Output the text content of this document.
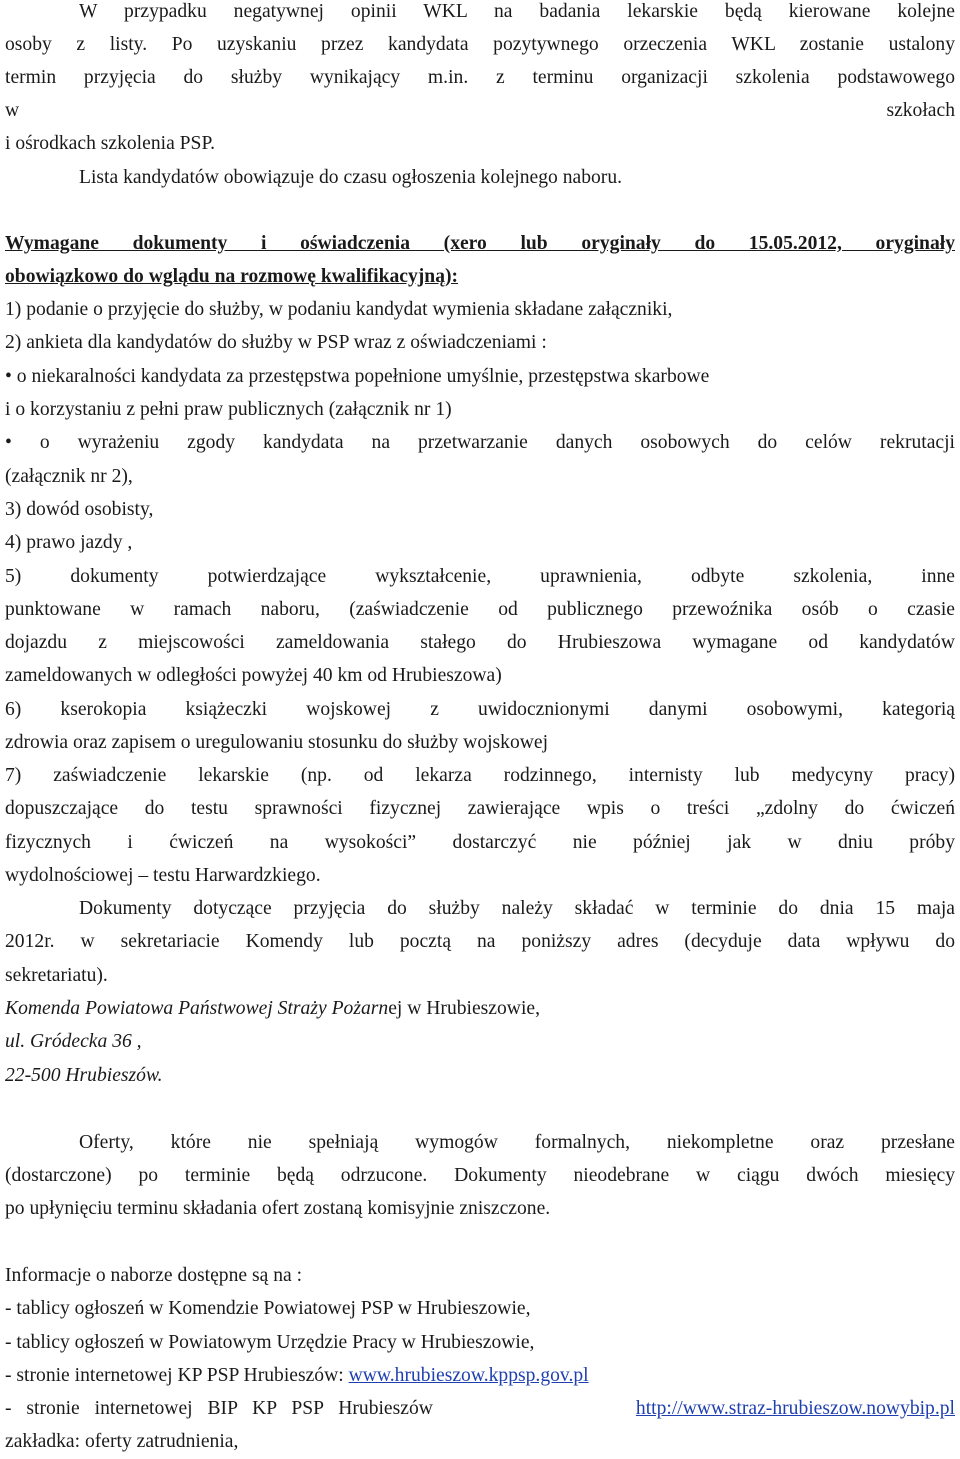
W przypadku negatywnej opinii WKL na badania lekarskie będą kierowane kolejne
osoby z listy. Po uzyskaniu przez kandydata pozytywnego orzeczenia WKL zostanie ustalony
termin przyjęcia do służby wynikający m.in. z terminu organizacji szkolenia podstawowego
w	szkołach
i ośrodkach szkolenia PSP.
Lista kandydatów obowiązuje do czasu ogłoszenia kolejnego naboru.
Wymagane dokumenty i oświadczenia (xero lub oryginały do 15.05.2012, oryginały
obowiązkowo do wglądu na rozmowę kwalifikacyjną):
1) podanie o przyjęcie do służby, w podaniu kandydat wymienia składane załączniki,
2) ankieta dla kandydatów do służby w PSP wraz z oświadczeniami :
• o niekaralności kandydata za przestępstwa popełnione umyślnie, przestępstwa skarbowe
i o korzystaniu z pełni praw publicznych (załącznik nr 1)
• o wyrażeniu zgody kandydata na przetwarzanie danych osobowych do celów rekrutacji
(załącznik nr 2),
3) dowód osobisty,
4) prawo jazdy ,
5) dokumenty potwierdzające wykształcenie, uprawnienia, odbyte szkolenia, inne
punktowane w ramach naboru, (zaświadczenie od publicznego przewoźnika osób o czasie
dojazdu z miejscowości zameldowania stałego do Hrubieszowa wymagane od kandydatów
zameldowanych w odległości powyżej 40 km od Hrubieszowa)
6) kserokopia książeczki wojskowej z uwidocznionymi danymi osobowymi, kategorią
zdrowia oraz zapisem o uregulowaniu stosunku do służby wojskowej
7) zaświadczenie lekarskie (np. od lekarza rodzinnego, internisty lub medycyny pracy)
dopuszczające do testu sprawności fizycznej zawierające wpis o treści „zdolny do ćwiczeń
fizycznych i ćwiczeń na wysokości” dostarczyć nie później jak w dniu próby
wydolnościowej – testu Harwardzkiego.
Dokumenty dotyczące przyjęcia do służby należy składać w terminie do dnia 15 maja
2012r. w sekretariacie Komendy lub pocztą na poniższy adres (decyduje data wpływu do
sekretariatu).
Komenda Powiatowa Państwowej Straży Pożarnej w Hrubieszowie,
ul. Gródecka 36 ,
22-500 Hrubieszów.
Oferty, które nie spełniają wymogów formalnych, niekompletne oraz przesłane
(dostarczone) po terminie będą odrzucone. Dokumenty nieodebrane w ciągu dwóch miesięcy
po upłynięciu terminu składania ofert zostaną komisyjnie zniszczone.
Informacje o naborze dostępne są na :
- tablicy ogłoszeń w Komendzie Powiatowej PSP w Hrubieszowie,
- tablicy ogłoszeń w Powiatowym Urzędzie Pracy w Hrubieszowie,
- stronie internetowej KP PSP Hrubieszów: www.hrubieszow.kppsp.gov.pl
- stronie internetowej BIP KP PSP Hrubieszów	http://www.straz-hrubieszow.nowybip.pl
zakładka: oferty zatrudnienia,
